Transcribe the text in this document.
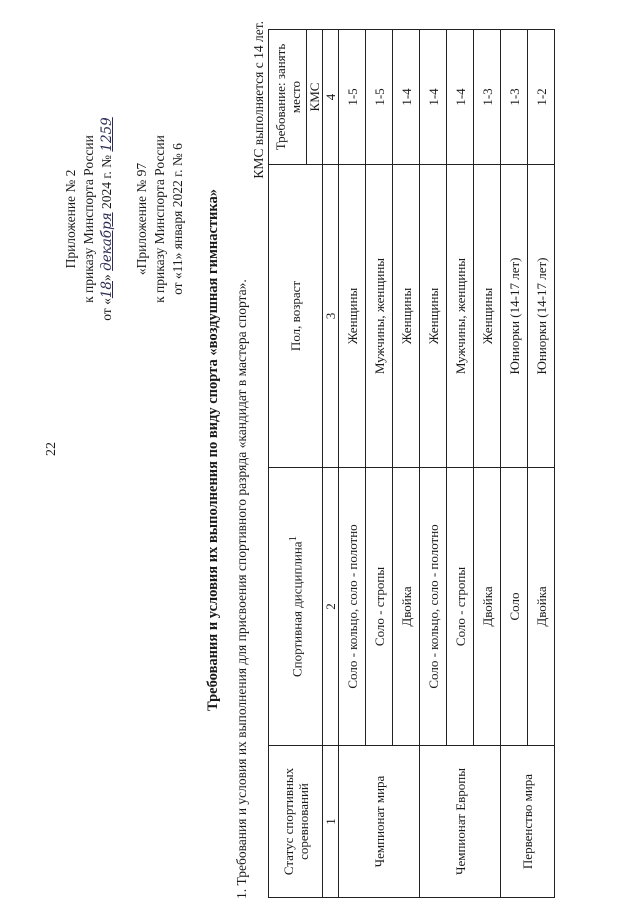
22
Приложение № 2 к приказу Минспорта России
от «18» декабря 2024 г. № 1259
«Приложение № 97 к приказу Минспорта России от «11» января 2022 г. № 6 Требования и условия их выполнения по виду спорта «воздушная гимнастика» 1. Требования и условия их выполнения для присвоения спортивного разряда «кандидат в мастера спорта».
КМС выполняется с 14 лет.
Статус спортивных соревнований	Спортивная дисциплина$^1$	Пол, возраст	Требование: занять место
			КМС
1	2	3	4
Чемпионат мира	Соло - кольцо, соло - полотно	Женщины	1-5
	Соло - стропы	Мужчины, женщины	1-5
	Двойка	Женщины	1-4
Чемпионат Европы	Соло - кольцо, соло - полотно	Женщины	1-4
	Соло - стропы	Мужчины, женщины	1-4
	Двойка	Женщины	1-3
Первенство мира	Соло	Юниорки (14-17 лет)	1-3
	Двойка	Юниорки (14-17 лет)	1-2
